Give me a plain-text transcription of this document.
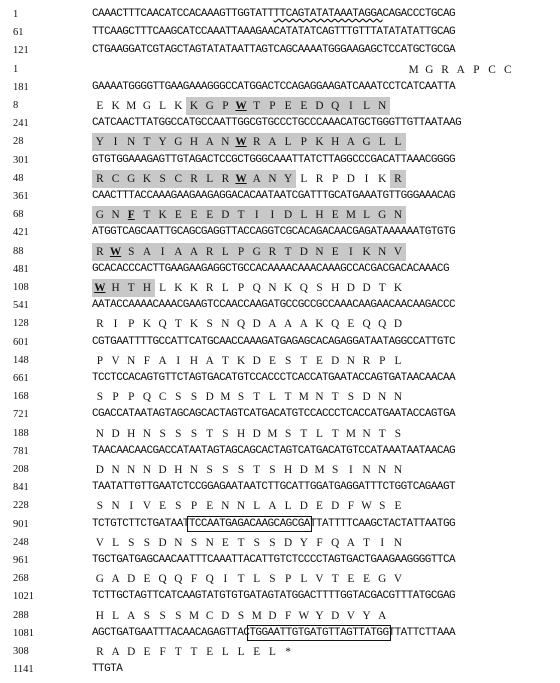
1	CAAACTTTCAACATCCACAAAGTTGGTATTTTCAGTATATAAATAGGACAGACCCTGCAG
61	TTCAAGCTTTCAAGCATCCAAATTAAAGAACATATATCAGTTTGTTTATATATATTGCAG
121	CTGAAGGATCGTAGCTAGTATATAATTAGTCAGCAAAATGGGAAGAGCTCCATGCTGCGA
1	M G R A P C C
181	GAAAATGGGGTTGAAGAAAGGGCCATGGACTCCAGAGGAAGATCAAATCCTCATCAATTA
8	E K M G L K K G P W T P E E D Q I L N
241	CATCAACTTATGGCCATGCCAATTGGCGTGCCCTGCCCAAACATGCTGGGTTGTTAATAAG
28	Y I N T Y G H A N W R A L P K H A G L L
301	GTGTGGAAAGAGTTGTAGACTCCGCTGGGCAAATTATCTTAGGCCCGACATTAAACGGGG
48	R C G K S C R L R W A N Y L R P D I K R
361	CAACTTTACCAAAGAAGAAGAGGACACAATAATCGATTTGCATGAAATGTTGGGAAACAG
68	G N F T K E E E D T I I D L H E M L G N
421	ATGGTCAGCAATTGCAGCGAGGTTACCAGGTCGCACAGACAACGAGATAAAAAATGTGTG
88	R W S A I A A R L P G R T D N E I K N V
481	GCACACCCACTTGAAGAAGAGGCTGCCACAAAACAAACAAAGCCACGACGACACAAACG
108	W H T H L K K R L P Q N K Q S H D D T K
541	AATACCAAAACAAACGAAGTCCAACCAAGATGCCGCCGCCAAACAAGAACAACAAGACCC
128	R I P K Q T K S N Q D A A A K Q E Q Q D
601	CGTGAATTTTGCCATTCATGCAACCAAAGATGAGAGCACAGAGGATAATAGGCCATTGTC
148	P V N F A I H A T K D E S T E D N R P L
661	TCCTCCACAGTGTTCTAGTGACATGTCCACCCTCACCATGAATACCAGTGATAACAACAA
168	S P P Q C S S D M S T L T M N T S D N N
721	CGACCATAATAGTAGCAGCACTAGTCATGACATGTCCACCCTCACCATGAATACCAGTGA
188	N D H N S S S T S H D M S T L T M N T S
781	TAACAACAACGACCATAATAGTAGCAGCACTAGTCATGACATGTCCATAAATAATAACAG
208	D N N N D H N S S S T S H D M S I N N N
841	TAATATTGTTGAATCTCCGGAGAATAATCTTGCATTGGATGAGGATTTCTGGTCAGAAGT
228	S N I V E S P E N N L A L D E D F W S E
901	TCTGTCTTCTGATAATTCCAATGAGACAAGCAGCGATTATTTTCAAGCTACTATTAATGG
248	V L S S D N S N E T S S D Y F Q A T I N
961	TGCTGATGAGCAACAATTTCAAATTACATTGTCTCCCCTAGTGACTGAAGAAGGGGTTCA
268	G A D E Q Q F Q I T L S P L V T E E G V
1021	TCTTGCTAGTTCATCAAGTATGTGTGATAGTATGGACTTTTGGTACGACGTTTATGCGAG
288	H L A S S S M C D S M D F W Y D V Y A
1081	AGCTGATGAATTTACAACAGAGTTACTGGAATTGTGATGTTAGTTATGGTTATTCTTAAA
308	R A D E F T T E L L E L *
1141	TTGTA
